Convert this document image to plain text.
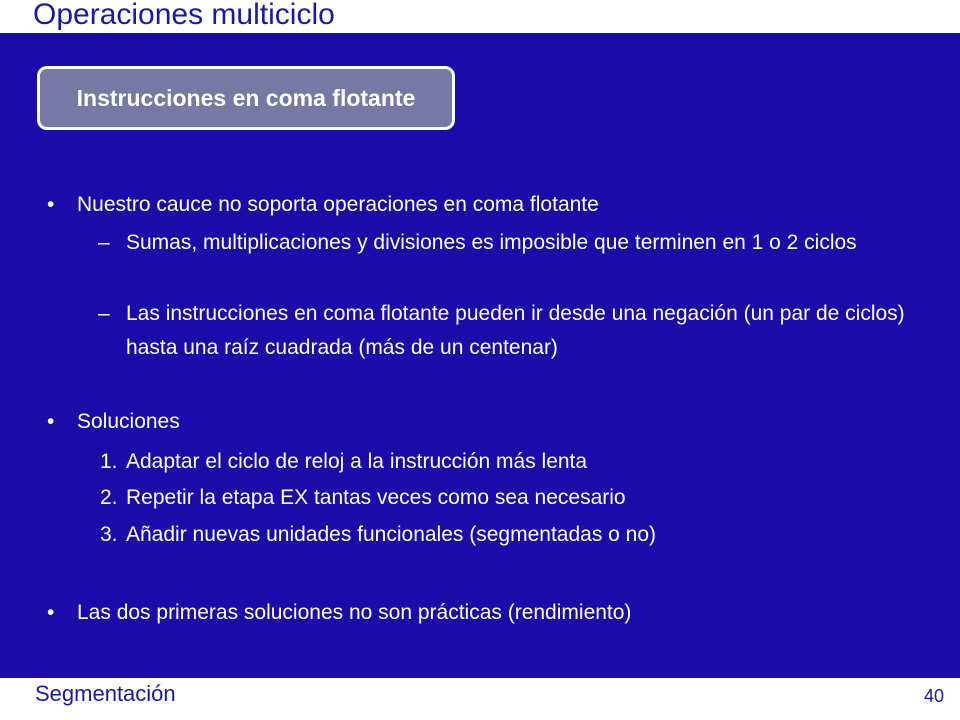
Operaciones multiciclo
Instrucciones en coma flotante
• Nuestro cauce no soporta operaciones en coma flotante
– Sumas, multiplicaciones y divisiones es imposible que terminen en 1 o 2 ciclos
– Las instrucciones en coma flotante pueden ir desde una negación (un par de ciclos) hasta una raíz cuadrada (más de un centenar)
• Soluciones
1. Adaptar el ciclo de reloj a la instrucción más lenta
2. Repetir la etapa EX tantas veces como sea necesario
3. Añadir nuevas unidades funcionales (segmentadas o no)
• Las dos primeras soluciones no son prácticas (rendimiento)
Segmentación	40
